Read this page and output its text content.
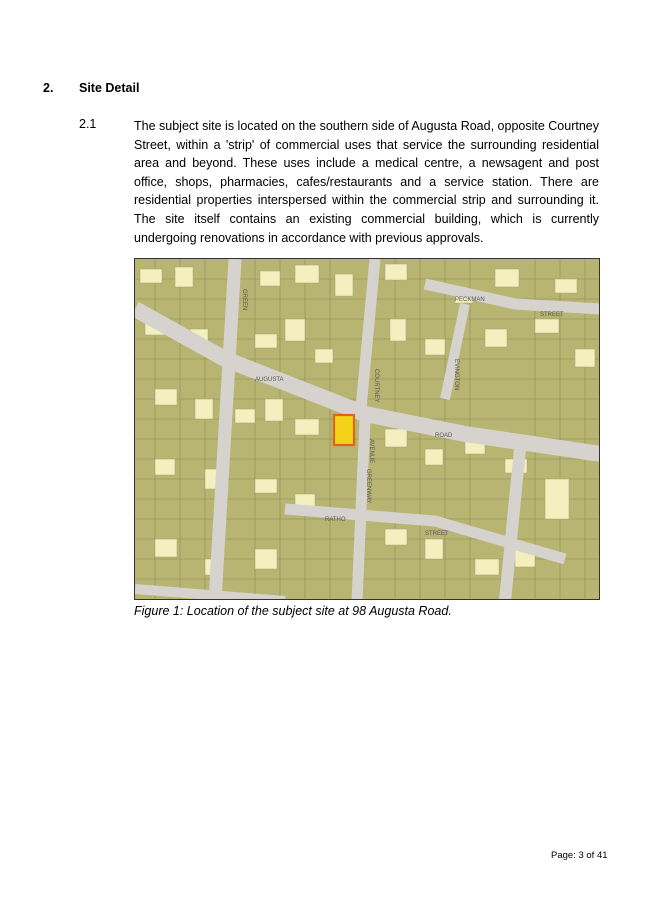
2. Site Detail
2.1	The subject site is located on the southern side of Augusta Road, opposite Courtney Street, within a 'strip' of commercial uses that service the surrounding residential area and beyond. These uses include a medical centre, a newsagent and post office, shops, pharmacies, cafes/restaurants and a service station. There are residential properties interspersed within the commercial strip and surrounding it. The site itself contains an existing commercial building, which is currently undergoing renovations in accordance with previous approvals.
PECKMAN
STREET
AUGUSTA
ROAD
COURTNEY
GREENWAY
AVENUE
RATHO
STREET
EVINGTON
GREEN
Figure 1: Location of the subject site at 98 Augusta Road.
Page: 3 of 41
